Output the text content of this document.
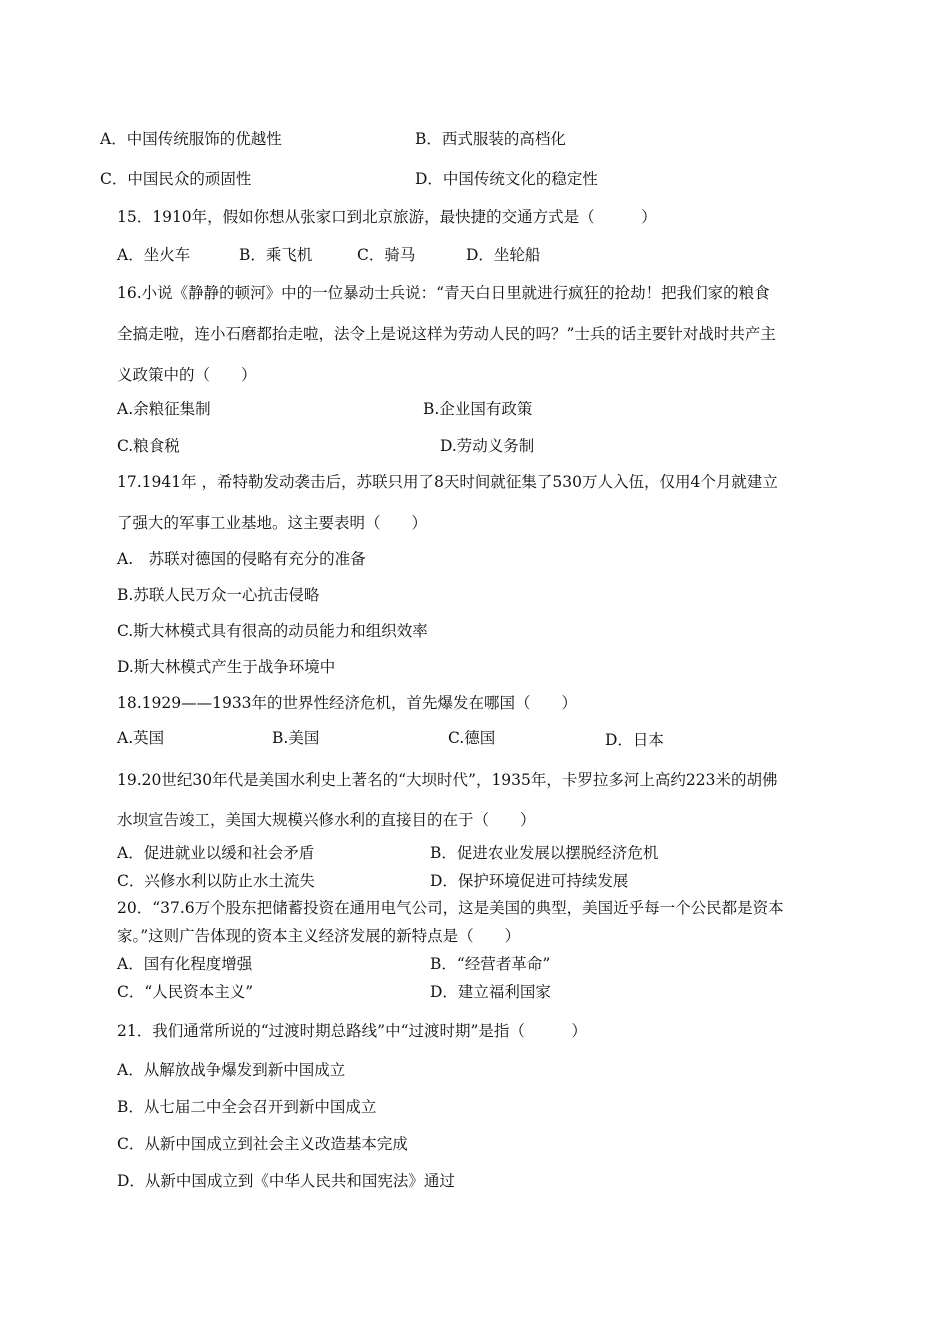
A．中国传统服饰的优越性	B．西式服装的高档化
C．中国民众的顽固性	D．中国传统文化的稳定性
15．1910年，假如你想从张家口到北京旅游，最快捷的交通方式是（　　　）
A．坐火车	B．乘飞机	C．骑马	D．坐轮船
16.小说《静静的顿河》中的一位暴动士兵说：“青天白日里就进行疯狂的抢劫！把我们家的粮食
全搞走啦，连小石磨都抬走啦，法令上是说这样为劳动人民的吗？”士兵的话主要针对战时共产主
义政策中的（　　）
A.余粮征集制	B.企业国有政策
C.粮食税	D.劳动义务制
17.1941年 ，希特勒发动袭击后，苏联只用了8天时间就征集了530万人入伍，仅用4个月就建立
了强大的军事工业基地。这主要表明（　　）
A.　苏联对德国的侵略有充分的准备
B.苏联人民万众一心抗击侵略
C.斯大林模式具有很高的动员能力和组织效率
D.斯大林模式产生于战争环境中
18.1929——1933年的世界性经济危机，首先爆发在哪国（　　）
A.英国	B.美国	C.德国	D．日本
19.20世纪30年代是美国水利史上著名的“大坝时代”，1935年，卡罗拉多河上高约223米的胡佛
水坝宣告竣工，美国大规模兴修水利的直接目的在于（　　）
A．促进就业以缓和社会矛盾	B．促进农业发展以摆脱经济危机
C．兴修水利以防止水土流失	D．保护环境促进可持续发展
20．“37.6万个股东把储蓄投资在通用电气公司，这是美国的典型，美国近乎每一个公民都是资本
家。”这则广告体现的资本主义经济发展的新特点是（　　）
A．国有化程度增强	B．“经营者革命”
C．“人民资本主义”	D．建立福利国家
21．我们通常所说的“过渡时期总路线”中“过渡时期”是指（　　　）
A．从解放战争爆发到新中国成立
B．从七届二中全会召开到新中国成立
C．从新中国成立到社会主义改造基本完成
D．从新中国成立到《中华人民共和国宪法》通过
